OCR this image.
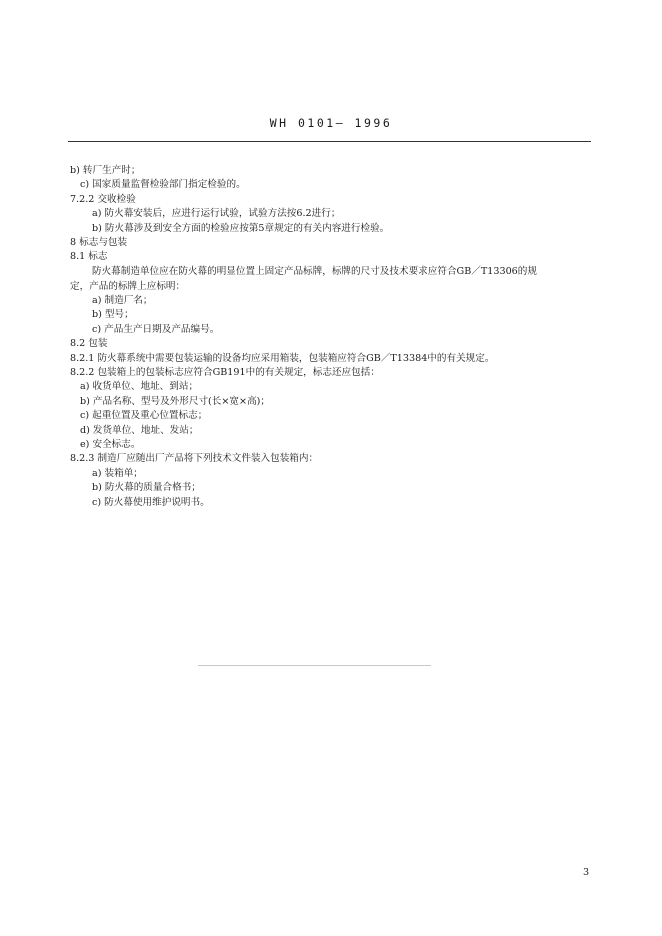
WH 0101— 1996
b) 转厂生产时；
c) 国家质量监督检验部门指定检验的。
7.2.2 交收检验
a) 防火幕安装后，应进行运行试验，试验方法按6.2进行；
b) 防火幕涉及到安全方面的检验应按第5章规定的有关内容进行检验。
8 标志与包装
8.1 标志
防火幕制造单位应在防火幕的明显位置上固定产品标牌，标牌的尺寸及技术要求应符合GB／T13306的规
定，产品的标牌上应标明：
a) 制造厂名；
b) 型号；
c) 产品生产日期及产品编号。
8.2 包装
8.2.1 防火幕系统中需要包装运输的设备均应采用箱装，包装箱应符合GB／T13384中的有关规定。
8.2.2 包装箱上的包装标志应符合GB191中的有关规定，标志还应包括：
a) 收货单位、地址、到站；
b) 产品名称、型号及外形尺寸(长×宽×高)；
c) 起重位置及重心位置标志；
d) 发货单位、地址、发站；
e) 安全标志。
8.2.3 制造厂应随出厂产品将下列技术文件装入包装箱内：
a) 装箱单；
b) 防火幕的质量合格书；
c) 防火幕使用维护说明书。
3
